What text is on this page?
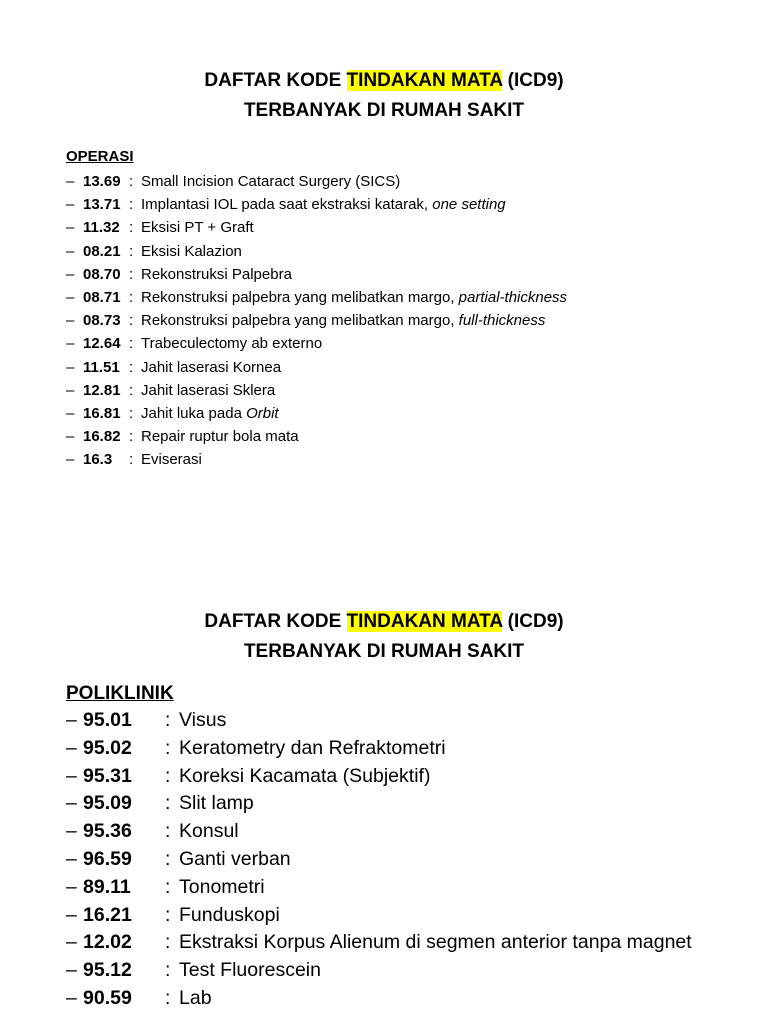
DAFTAR KODE TINDAKAN MATA (ICD9)
TERBANYAK DI RUMAH SAKIT
OPERASI
– 13.69 : Small Incision Cataract Surgery (SICS)
– 13.71 : Implantasi IOL pada saat ekstraksi katarak, one setting
– 11.32 : Eksisi PT + Graft
– 08.21 : Eksisi Kalazion
– 08.70 : Rekonstruksi Palpebra
– 08.71 : Rekonstruksi palpebra yang melibatkan margo, partial-thickness
– 08.73 : Rekonstruksi palpebra yang melibatkan margo, full-thickness
– 12.64 : Trabeculectomy ab externo
– 11.51 : Jahit laserasi Kornea
– 12.81 : Jahit laserasi Sklera
– 16.81 : Jahit luka pada Orbit
– 16.82 : Repair ruptur bola mata
– 16.3	: Eviserasi
DAFTAR KODE TINDAKAN MATA (ICD9)
TERBANYAK DI RUMAH SAKIT
POLIKLINIK
– 95.01	: Visus
– 95.02	: Keratometry dan Refraktometri
– 95.31	: Koreksi Kacamata (Subjektif)
– 95.09	: Slit lamp
– 95.36	: Konsul
– 96.59	: Ganti verban
– 89.11	: Tonometri
– 16.21	: Funduskopi
– 12.02	: Ekstraksi Korpus Alienum di segmen anterior tanpa magnet
– 95.12	: Test Fluorescein
– 90.59	: Lab
